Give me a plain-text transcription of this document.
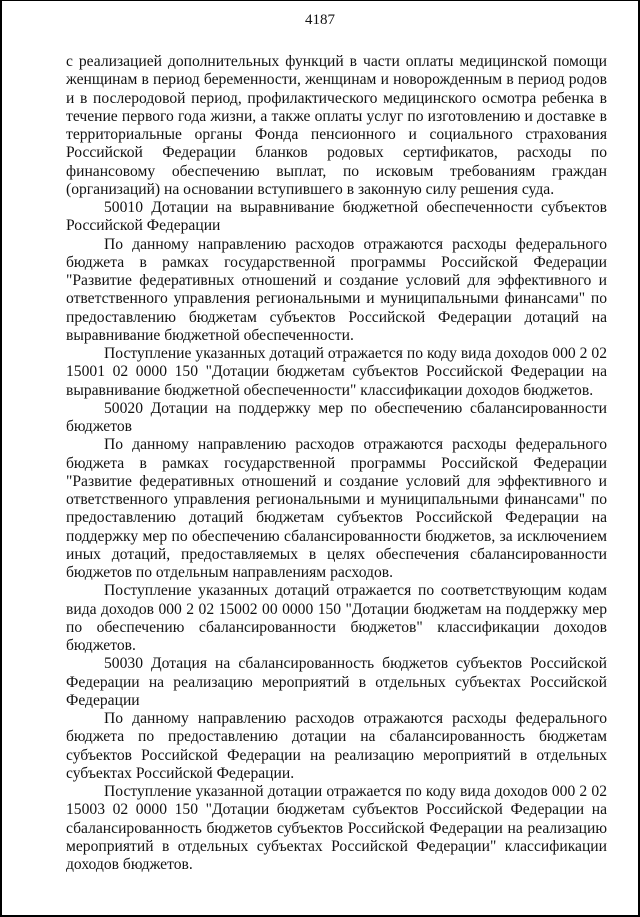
4187

с реализацией дополнительных функций в части оплаты медицинской помощи женщинам в период беременности, женщинам и новорожденным в период родов и в послеродовой период, профилактического медицинского осмотра ребенка в течение первого года жизни, а также оплаты услуг по изготовлению и доставке в территориальные органы Фонда пенсионного и социального страхования Российской Федерации бланков родовых сертификатов, расходы по финансовому обеспечению выплат, по исковым требованиям граждан (организаций) на основании вступившего в законную силу решения суда.

50010 Дотации на выравнивание бюджетной обеспеченности субъектов Российской Федерации

По данному направлению расходов отражаются расходы федерального бюджета в рамках государственной программы Российской Федерации "Развитие федеративных отношений и создание условий для эффективного и ответственного управления региональными и муниципальными финансами" по предоставлению бюджетам субъектов Российской Федерации дотаций на выравнивание бюджетной обеспеченности.

Поступление указанных дотаций отражается по коду вида доходов 000 2 02 15001 02 0000 150 "Дотации бюджетам субъектов Российской Федерации на выравнивание бюджетной обеспеченности" классификации доходов бюджетов.

50020 Дотации на поддержку мер по обеспечению сбалансированности бюджетов

По данному направлению расходов отражаются расходы федерального бюджета в рамках государственной программы Российской Федерации "Развитие федеративных отношений и создание условий для эффективного и ответственного управления региональными и муниципальными финансами" по предоставлению дотаций бюджетам субъектов Российской Федерации на поддержку мер по обеспечению сбалансированности бюджетов, за исключением иных дотаций, предоставляемых в целях обеспечения сбалансированности бюджетов по отдельным направлениям расходов.

Поступление указанных дотаций отражается по соответствующим кодам вида доходов 000 2 02 15002 00 0000 150 "Дотации бюджетам на поддержку мер по обеспечению сбалансированности бюджетов" классификации доходов бюджетов.

50030 Дотация на сбалансированность бюджетов субъектов Российской Федерации на реализацию мероприятий в отдельных субъектах Российской Федерации

По данному направлению расходов отражаются расходы федерального бюджета по предоставлению дотации на сбалансированность бюджетам субъектов Российской Федерации на реализацию мероприятий в отдельных субъектах Российской Федерации.

Поступление указанной дотации отражается по коду вида доходов 000 2 02 15003 02 0000 150 "Дотации бюджетам субъектов Российской Федерации на сбалансированность бюджетов субъектов Российской Федерации на реализацию мероприятий в отдельных субъектах Российской Федерации" классификации доходов бюджетов.
